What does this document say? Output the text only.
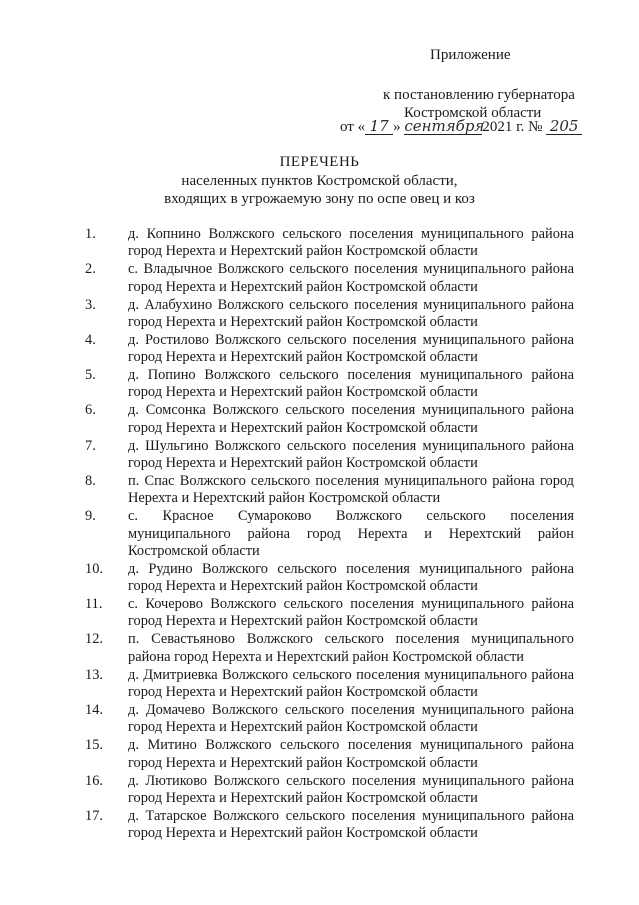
Приложение
к постановлению губернатора
Костромской области
от « 17 » сентября2021 г. № 205
ПЕРЕЧЕНЬ
населенных пунктов Костромской области,
входящих в угрожаемую зону по оспе овец и коз
1.	д. Копнино Волжского сельского поселения муниципального района город Нерехта и Нерехтский район Костромской области
2.	с. Владычное Волжского сельского поселения муниципального района город Нерехта и Нерехтский район Костромской области
3.	д. Алабухино Волжского сельского поселения муниципального района город Нерехта и Нерехтский район Костромской области
4.	д. Ростилово Волжского сельского поселения муниципального района город Нерехта и Нерехтский район Костромской области
5.	д. Попино Волжского сельского поселения муниципального района город Нерехта и Нерехтский район Костромской области
6.	д. Сомсонка Волжского сельского поселения муниципального района город Нерехта и Нерехтский район Костромской области
7.	д. Шульгино Волжского сельского поселения муниципального района город Нерехта и Нерехтский район Костромской области
8.	п. Спас Волжского сельского поселения муниципального района город Нерехта и Нерехтский район Костромской области
9.	с. Красное Сумароково Волжского сельского поселения муниципального района город Нерехта и Нерехтский район Костромской области
10.	д. Рудино Волжского сельского поселения муниципального района город Нерехта и Нерехтский район Костромской области
11.	с. Кочерово Волжского сельского поселения муниципального района город Нерехта и Нерехтский район Костромской области
12.	п. Севастьяново Волжского сельского поселения муниципального района город Нерехта и Нерехтский район Костромской области
13.	д. Дмитриевка Волжского сельского поселения муниципального района город Нерехта и Нерехтский район Костромской области
14.	д. Домачево Волжского сельского поселения муниципального района город Нерехта и Нерехтский район Костромской области
15.	д. Митино Волжского сельского поселения муниципального района город Нерехта и Нерехтский район Костромской области
16.	д. Лютиково Волжского сельского поселения муниципального района город Нерехта и Нерехтский район Костромской области
17.	д. Татарское Волжского сельского поселения муниципального района город Нерехта и Нерехтский район Костромской области
